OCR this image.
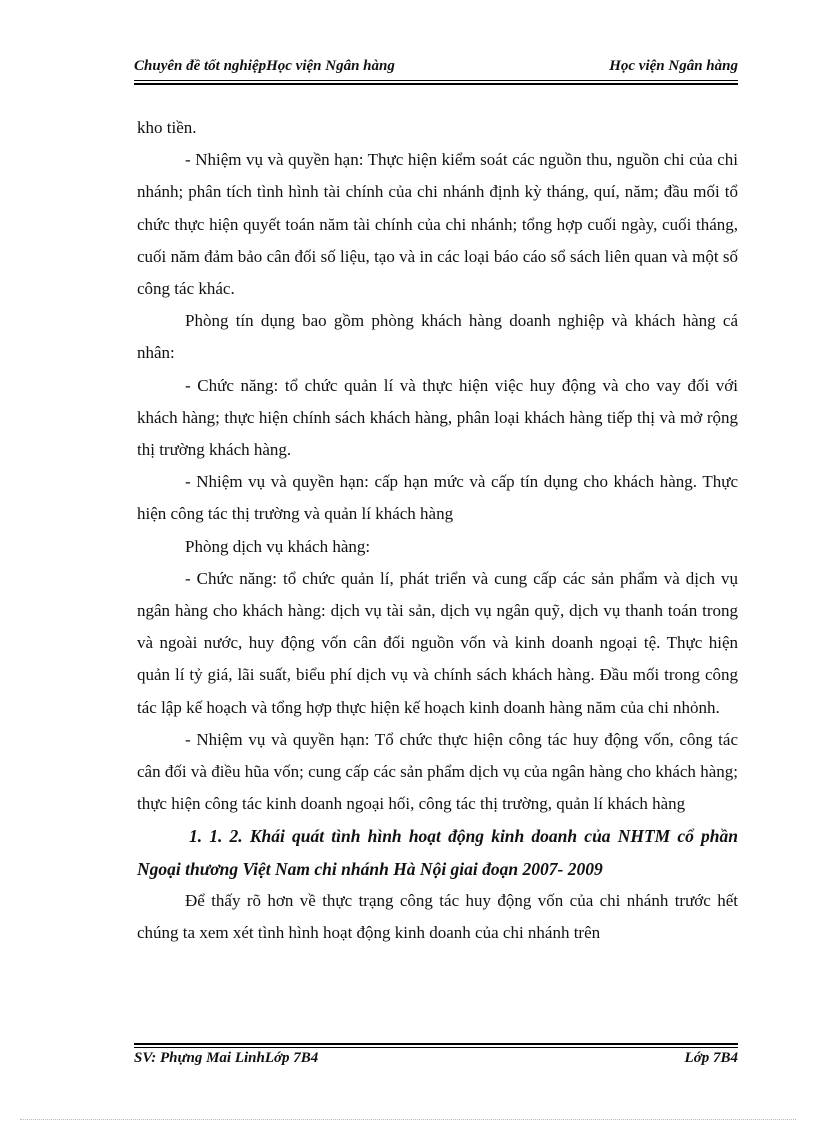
Chuyên đề tốt nghiệpHọc viện Ngân hàng	Học viện Ngân hàng

kho tiền.

- Nhiệm vụ và quyền hạn: Thực hiện kiểm soát các nguồn thu, nguồn chi của chi nhánh; phân tích tình hình tài chính của chi nhánh định kỳ tháng, quí, năm; đầu mối tổ chức thực hiện quyết toán năm tài chính của chi nhánh; tổng hợp cuối ngày, cuối tháng, cuối năm đảm bảo cân đối số liệu, tạo và in các loại báo cáo sổ sách liên quan và một số công tác khác.

Phòng tín dụng bao gồm phòng khách hàng doanh nghiệp và khách hàng cá nhân:

- Chức năng: tổ chức quản lí và thực hiện việc huy động và cho vay đối với khách hàng; thực hiện chính sách khách hàng, phân loại khách hàng tiếp thị và mở rộng thị trường khách hàng.

- Nhiệm vụ và quyền hạn: cấp hạn mức và cấp tín dụng cho khách hàng. Thực hiện công tác thị trường và quản lí khách hàng

Phòng dịch vụ khách hàng:

- Chức năng: tổ chức quản lí, phát triển và cung cấp các sản phẩm và dịch vụ ngân hàng cho khách hàng: dịch vụ tài sản, dịch vụ ngân quỹ, dịch vụ thanh toán trong và ngoài nước, huy động vốn cân đối nguồn vốn và kinh doanh ngoại tệ. Thực hiện quản lí tỷ giá, lãi suất, biểu phí dịch vụ và chính sách khách hàng. Đầu mối trong công tác lập kế hoạch và tổng hợp thực hiện kế hoạch kinh doanh hàng năm của chi nhỏnh.

- Nhiệm vụ và quyền hạn: Tổ chức thực hiện công tác huy động vốn, công tác cân đối và điều hũa vốn; cung cấp các sản phẩm dịch vụ của ngân hàng cho khách hàng; thực hiện công tác kinh doanh ngoại hối, công tác thị trường, quản lí khách hàng

1. 1. 2. Khái quát tình hình hoạt động kinh doanh của NHTM cổ phần Ngoại thương Việt Nam chi nhánh Hà Nội giai đoạn 2007- 2009

Để thấy rõ hơn về thực trạng công tác huy động vốn của chi nhánh trước hết chúng ta xem xét tình hình hoạt động kinh doanh của chi nhánh trên

SV: Phựng Mai LinhLớp 7B4	Lớp 7B4
